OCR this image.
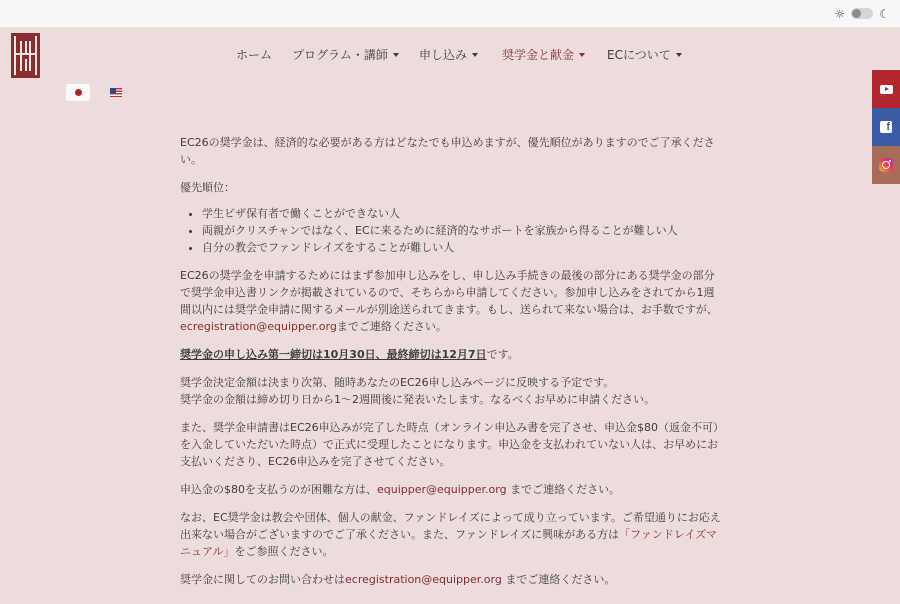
☼	☾
ホーム プログラム・講師	申し込み	奨学金と献金	ECについて
f

EC26の奨学金は、経済的な必要がある方はどなたでも申込めますが、優先順位がありますのでご了承ください。

優先順位：

• 学生ビザ保有者で働くことができない人
• 両親がクリスチャンではなく、ECに来るために経済的なサポートを家族から得ることが難しい人
• 自分の教会でファンドレイズをすることが難しい人

EC26の奨学金を申請するためにはまず参加申し込みをし、申し込み手続きの最後の部分にある奨学金の部分で奨学金申込書リンクが掲載されているので、そちらから申請してください。参加申し込みをされてから1週間以内には奨学金申請に関するメールが別途送られてきます。もし、送られて来ない場合は、お手数ですが、ecregistration@equipper.orgまでご連絡ください。

奨学金の申し込み第一締切は10月30日、最終締切は12月7日です。

奨学金決定金額は決まり次第、随時あなたのEC26申し込みページに反映する予定です。
奨学金の金額は締め切り日から1〜2週間後に発表いたします。なるべくお早めに申請ください。

また、奨学金申請書はEC26申込みが完了した時点（オンライン申込み書を完了させ、申込金$80（返金不可）を入金していただいた時点）で正式に受理したことになります。申込金を支払われていない人は、お早めにお支払いくださり、EC26申込みを完了させてください。

申込金の$80を支払うのが困難な方は、equipper@equipper.org までご連絡ください。

なお、EC奨学金は教会や団体、個人の献金、ファンドレイズによって成り立っています。ご希望通りにお応え出来ない場合がございますのでご了承ください。また、ファンドレイズに興味がある方は「ファンドレイズマニュアル」をご参照ください。

奨学金に関してのお問い合わせはecregistration@equipper.org までご連絡ください。
